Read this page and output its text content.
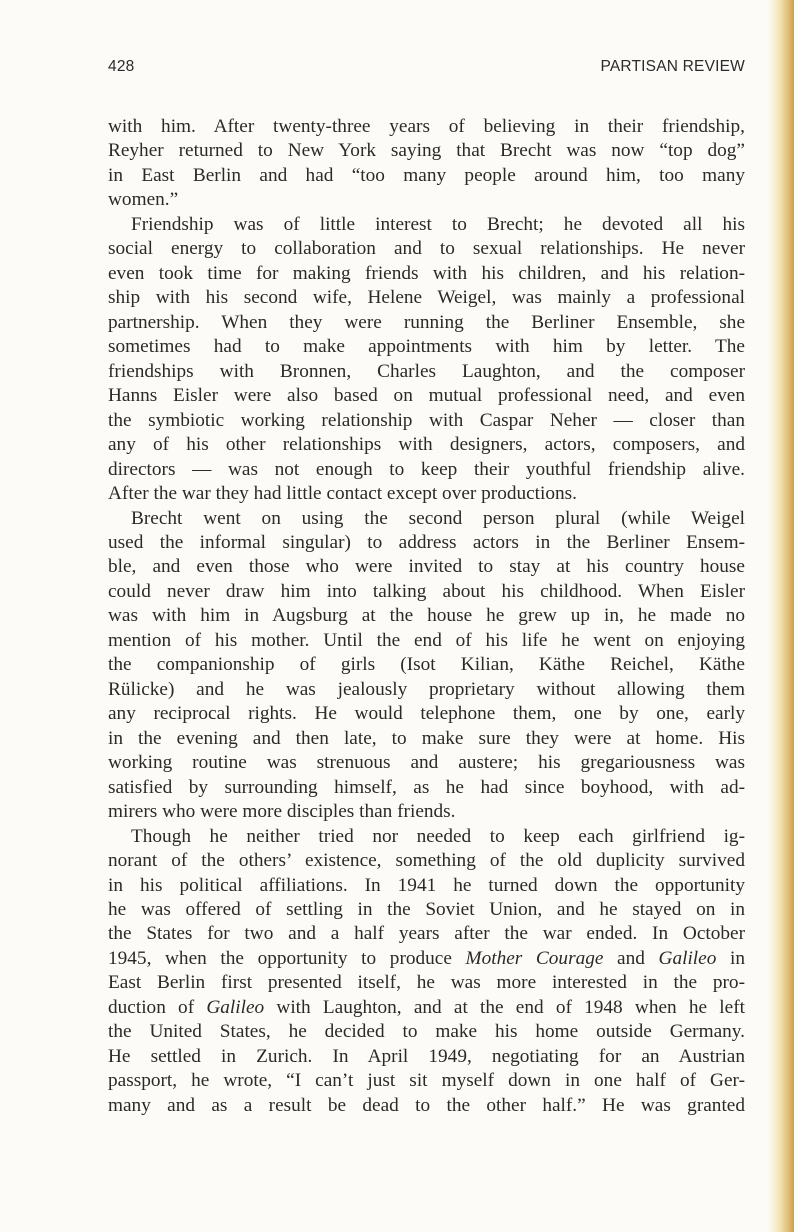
428	PARTISAN REVIEW
with him. After twenty-three years of believing in their friendship,
Reyher returned to New York saying that Brecht was now “top dog”
in East Berlin and had “too many people around him, too many
women.”
Friendship was of little interest to Brecht; he devoted all his
social energy to collaboration and to sexual relationships. He never
even took time for making friends with his children, and his relation-
ship with his second wife, Helene Weigel, was mainly a professional
partnership. When they were running the Berliner Ensemble, she
sometimes had to make appointments with him by letter. The
friendships with Bronnen, Charles Laughton, and the composer
Hanns Eisler were also based on mutual professional need, and even
the symbiotic working relationship with Caspar Neher — closer than
any of his other relationships with designers, actors, composers, and
directors — was not enough to keep their youthful friendship alive.
After the war they had little contact except over productions.
Brecht went on using the second person plural (while Weigel
used the informal singular) to address actors in the Berliner Ensem-
ble, and even those who were invited to stay at his country house
could never draw him into talking about his childhood. When Eisler
was with him in Augsburg at the house he grew up in, he made no
mention of his mother. Until the end of his life he went on enjoying
the companionship of girls (Isot Kilian, Käthe Reichel, Käthe
Rülicke) and he was jealously proprietary without allowing them
any reciprocal rights. He would telephone them, one by one, early
in the evening and then late, to make sure they were at home. His
working routine was strenuous and austere; his gregariousness was
satisfied by surrounding himself, as he had since boyhood, with ad-
mirers who were more disciples than friends.
Though he neither tried nor needed to keep each girlfriend ig-
norant of the others’ existence, something of the old duplicity survived
in his political affiliations. In 1941 he turned down the opportunity
he was offered of settling in the Soviet Union, and he stayed on in
the States for two and a half years after the war ended. In October
1945, when the opportunity to produce Mother Courage and Galileo in
East Berlin first presented itself, he was more interested in the pro-
duction of Galileo with Laughton, and at the end of 1948 when he left
the United States, he decided to make his home outside Germany.
He settled in Zurich. In April 1949, negotiating for an Austrian
passport, he wrote, “I can’t just sit myself down in one half of Ger-
many and as a result be dead to the other half.” He was granted
